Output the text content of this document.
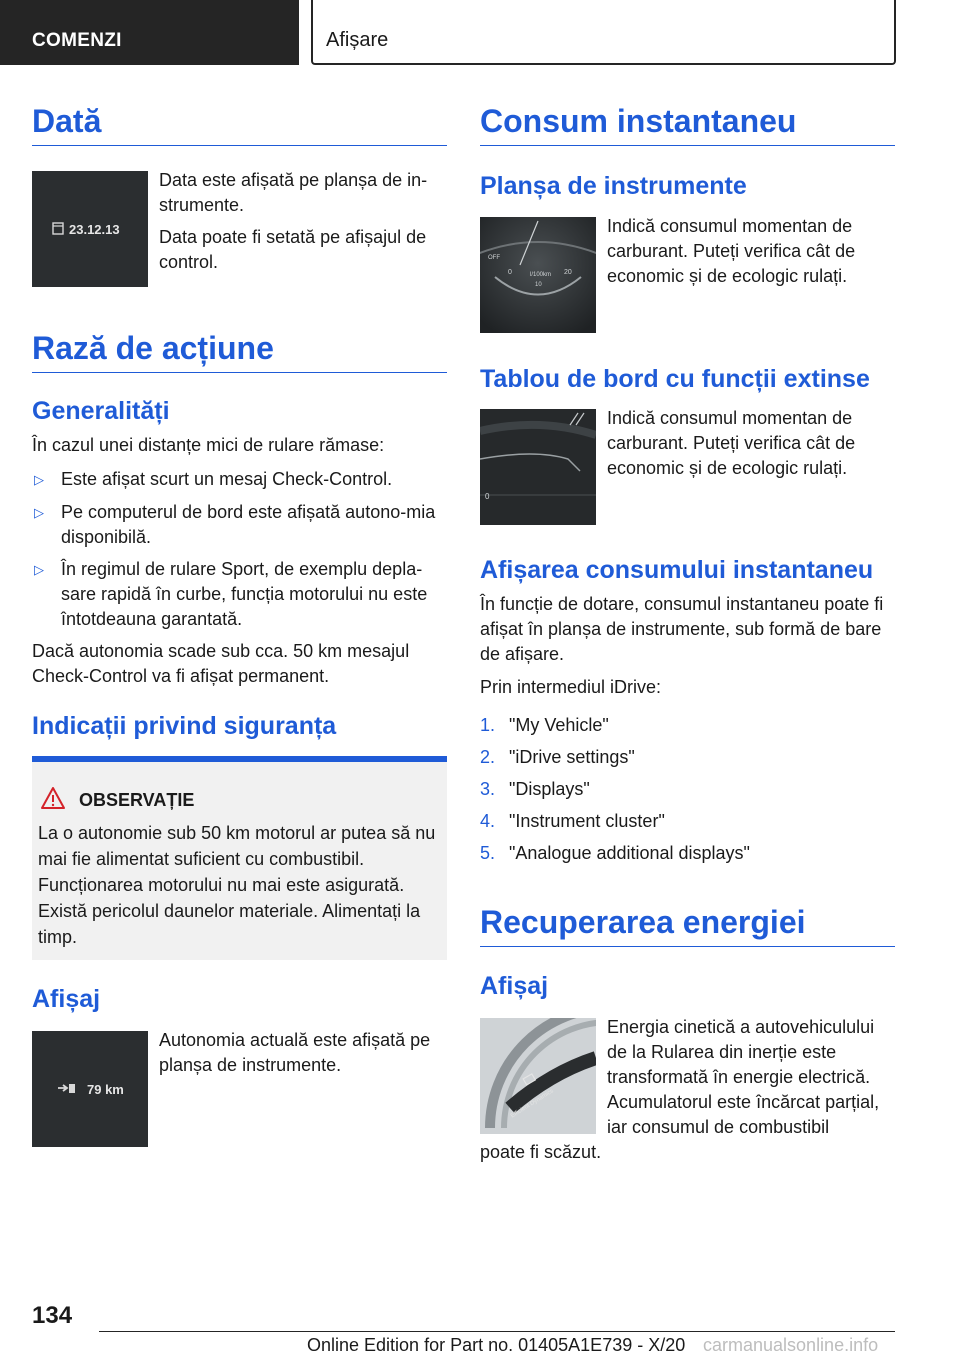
COMENZI	Afișare
Dată
23.12.13
Data este afișată pe planșa de in-strumente.
Data poate fi setată pe afișajul de control.
Rază de acțiune
Generalități
În cazul unei distanțe mici de rulare rămase:
▷ Este afișat scurt un mesaj Check-Control.
▷ Pe computerul de bord este afișată autono-mia disponibilă.
▷ În regimul de rulare Sport, de exemplu depla-sare rapidă în curbe, funcția motorului nu este întotdeauna garantată.
Dacă autonomia scade sub cca. 50 km mesajul Check-Control va fi afișat permanent.
Indicații privind siguranța
Afișaj
79 km
Autonomia actuală este afișată pe planșa de instrumente.
OBSERVAȚIE
La o autonomie sub 50 km motorul ar putea să nu mai fie alimentat suficient cu combustibil. Funcționarea motorului nu mai este asigurată. Există pericolul daunelor materiale. Alimentați la timp.
Consum instantaneu
Planșa de instrumente
OFF
0	l/100km 20
10
Indică consumul momentan de carburant. Puteți verifica cât de economic și de ecologic rulați.
Tablou de bord cu funcții extinse
0
Indică consumul momentan de carburant. Puteți verifica cât de economic și de ecologic rulați.
Afișarea consumului instantaneu
În funcție de dotare, consumul instantaneu poate fi afișat în planșa de instrumente, sub formă de bare de afișare.
Prin intermediul iDrive:
1. "My Vehicle"
2. "iDrive settings"
3. "Displays"
4. "Instrument cluster"
5. "Analogue additional displays"
Recuperarea energiei
Afișaj
Efficient Dynamics
Energia cinetică a autovehiculului de la Rularea din inerție este transformată în energie electrică. Acumulatorul este încărcat parțial, iar consumul de combustibil
poate fi scăzut.
134
Online Edition for Part no. 01405A1E739 - X/20 carmanualsonline.info
